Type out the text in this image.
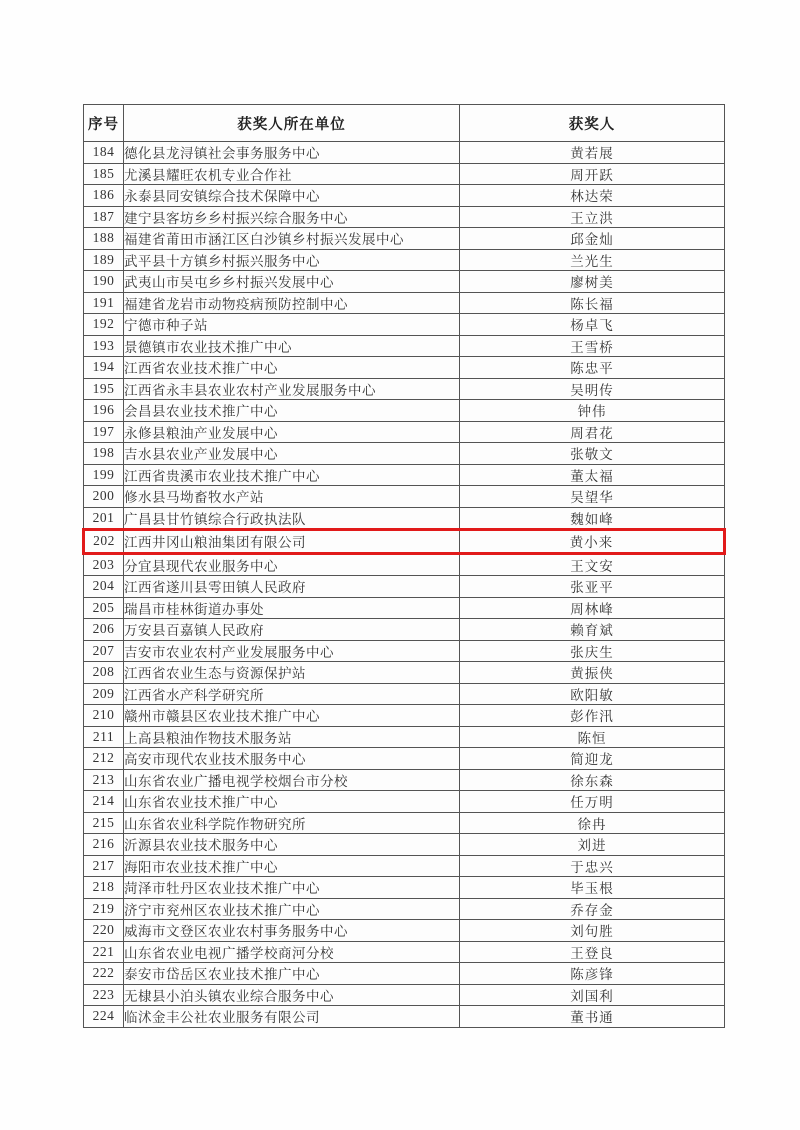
序号	获奖人所在单位	获奖人
184	德化县龙浔镇社会事务服务中心	黄若展
185	尤溪县耀旺农机专业合作社	周开跃
186	永泰县同安镇综合技术保障中心	林达荣
187	建宁县客坊乡乡村振兴综合服务中心	王立洪
188	福建省莆田市涵江区白沙镇乡村振兴发展中心	邱金灿
189	武平县十方镇乡村振兴服务中心	兰光生
190	武夷山市吴屯乡乡村振兴发展中心	廖树美
191	福建省龙岩市动物疫病预防控制中心	陈长福
192	宁德市种子站	杨卓飞
193	景德镇市农业技术推广中心	王雪桥
194	江西省农业技术推广中心	陈忠平
195	江西省永丰县农业农村产业发展服务中心	吴明传
196	会昌县农业技术推广中心	钟伟
197	永修县粮油产业发展中心	周君花
198	吉水县农业产业发展中心	张敬文
199	江西省贵溪市农业技术推广中心	董太福
200	修水县马坳畜牧水产站	吴望华
201	广昌县甘竹镇综合行政执法队	魏如峰
202	江西井冈山粮油集团有限公司	黄小来
203	分宜县现代农业服务中心	王文安
204	江西省遂川县雩田镇人民政府	张亚平
205	瑞昌市桂林街道办事处	周林峰
206	万安县百嘉镇人民政府	赖育斌
207	吉安市农业农村产业发展服务中心	张庆生
208	江西省农业生态与资源保护站	黄振侠
209	江西省水产科学研究所	欧阳敏
210	赣州市赣县区农业技术推广中心	彭作汛
211	上高县粮油作物技术服务站	陈恒
212	高安市现代农业技术服务中心	简迎龙
213	山东省农业广播电视学校烟台市分校	徐东森
214	山东省农业技术推广中心	任万明
215	山东省农业科学院作物研究所	徐冉
216	沂源县农业技术服务中心	刘进
217	海阳市农业技术推广中心	于忠兴
218	菏泽市牡丹区农业技术推广中心	毕玉根
219	济宁市兖州区农业技术推广中心	乔存金
220	威海市文登区农业农村事务服务中心	刘句胜
221	山东省农业电视广播学校商河分校	王登良
222	泰安市岱岳区农业技术推广中心	陈彦锋
223	无棣县小泊头镇农业综合服务中心	刘国利
224	临沭金丰公社农业服务有限公司	董书通
